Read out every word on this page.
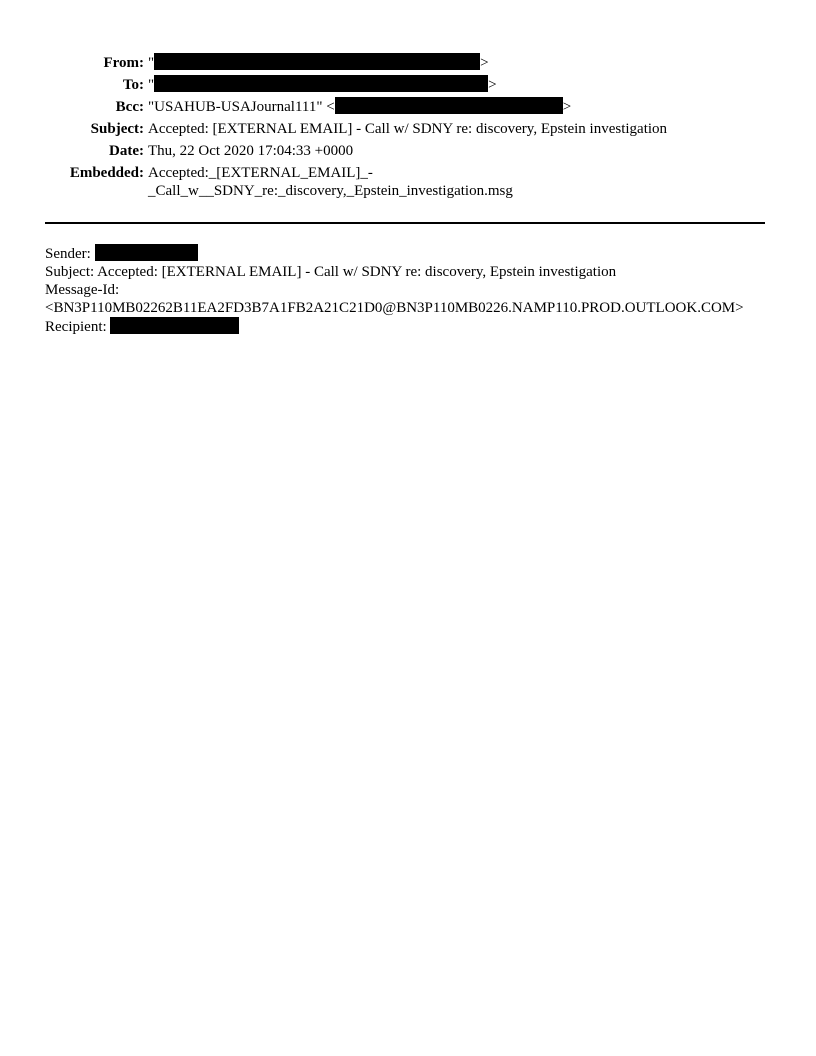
From:	" >
To:	" >
Bcc:	"USAHUB-USAJournal111" < >
Subject:	Accepted: [EXTERNAL EMAIL] - Call w/ SDNY re: discovery, Epstein investigation
Date:	Thu, 22 Oct 2020 17:04:33 +0000
Embedded:	Accepted:_[EXTERNAL_EMAIL]_-
_Call_w__SDNY_re:_discovery,_Epstein_investigation.msg
Sender:
Subject: Accepted: [EXTERNAL EMAIL] - Call w/ SDNY re: discovery, Epstein investigation
Message-Id:
<BN3P110MB02262B11EA2FD3B7A1FB2A21C21D0@BN3P110MB0226.NAMP110.PROD.OUTLOOK.COM>
Recipient:
